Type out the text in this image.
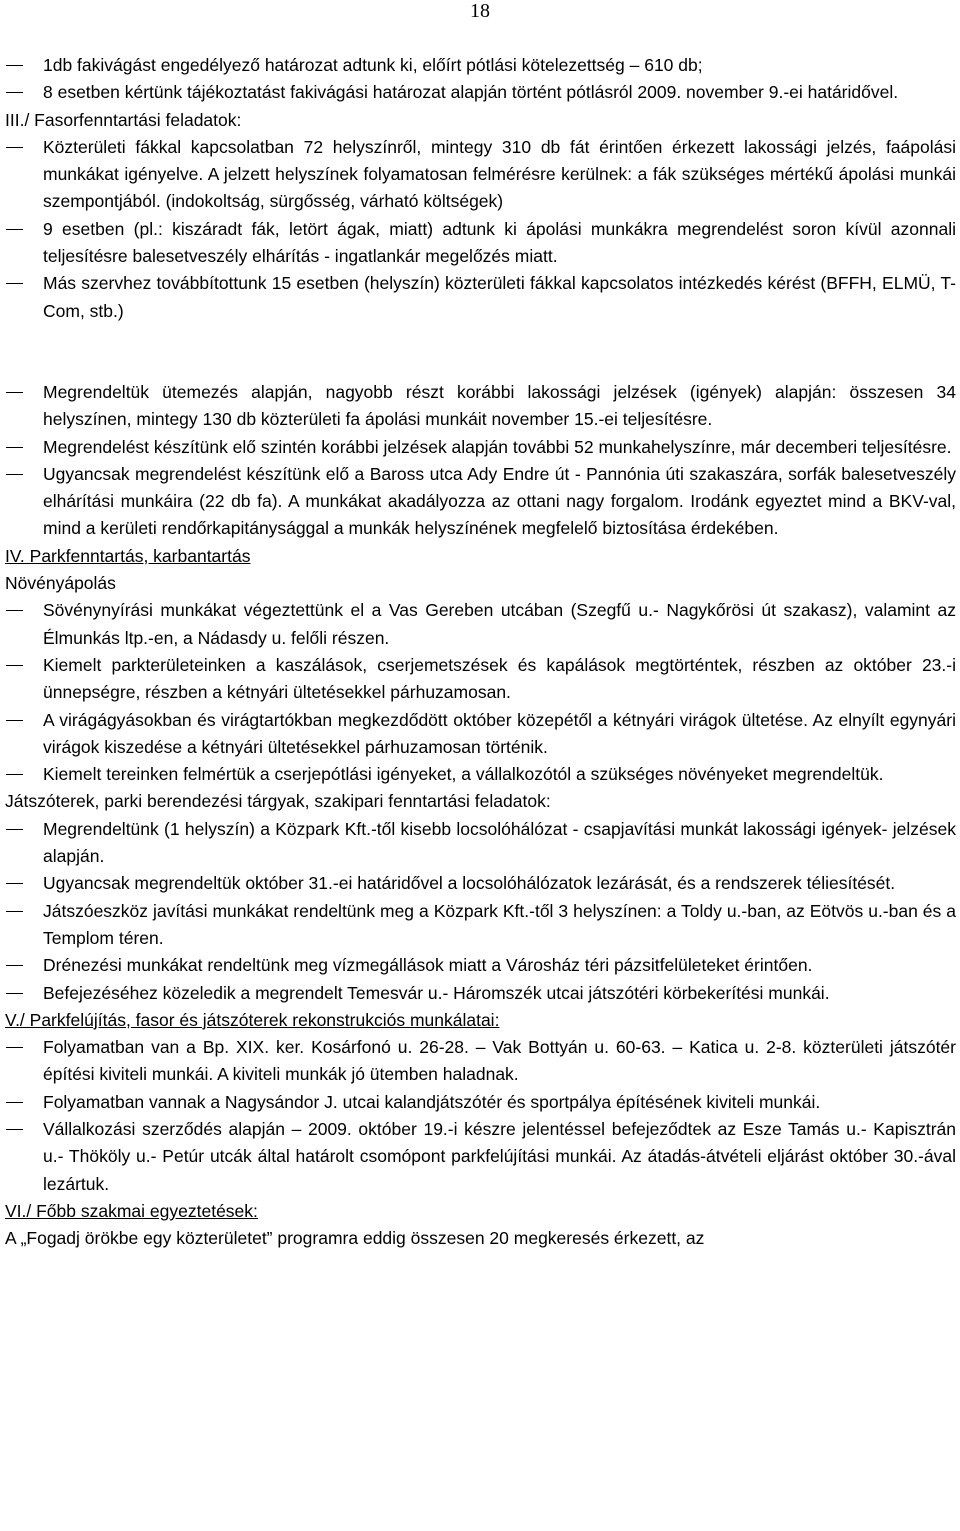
18
1db fakivágást engedélyező határozat adtunk ki, előírt pótlási kötelezettség – 610 db;
8 esetben kértünk tájékoztatást fakivágási határozat alapján történt pótlásról 2009. november 9.-ei határidővel.
III./ Fasorfenntartási feladatok:
Közterületi fákkal kapcsolatban 72 helyszínről, mintegy 310 db fát érintően érkezett lakossági jelzés, faápolási munkákat igényelve. A jelzett helyszínek folyamatosan felmérésre kerülnek: a fák szükséges mértékű ápolási munkái szempontjából. (indokoltság, sürgősség, várható költségek)
9 esetben (pl.: kiszáradt fák, letört ágak, miatt) adtunk ki ápolási munkákra megrendelést soron kívül azonnali teljesítésre balesetveszély elhárítás - ingatlankár megelőzés miatt.
Más szervhez továbbítottunk 15 esetben (helyszín) közterületi fákkal kapcsolatos intézkedés kérést (BFFH, ELMÜ, T-Com, stb.)
Megrendeltük ütemezés alapján, nagyobb részt korábbi lakossági jelzések (igények) alapján: összesen 34 helyszínen, mintegy 130 db közterületi fa ápolási munkáit november 15.-ei teljesítésre.
Megrendelést készítünk elő szintén korábbi jelzések alapján további 52 munkahelyszínre, már decemberi teljesítésre.
Ugyancsak megrendelést készítünk elő a Baross utca Ady Endre út - Pannónia úti szakaszára, sorfák balesetveszély elhárítási munkáira (22 db fa). A munkákat akadályozza az ottani nagy forgalom. Irodánk egyeztet mind a BKV-val, mind a kerületi rendőrkapitánysággal a munkák helyszínének megfelelő biztosítása érdekében.
IV. Parkfenntartás, karbantartás
Növényápolás
Sövénynyírási munkákat végeztettünk el a Vas Gereben utcában (Szegfű u.- Nagykőrösi út szakasz), valamint az Élmunkás ltp.-en, a Nádasdy u. felőli részen.
Kiemelt parkterületeinken a kaszálások, cserjemetszések és kapálások megtörténtek, részben az október 23.-i ünnepségre, részben a kétnyári ültetésekkel párhuzamosan.
A virágágyásokban és virágtartókban megkezdődött október közepétől a kétnyári virágok ültetése. Az elnyílt egynyári virágok kiszedése a kétnyári ültetésekkel párhuzamosan történik.
Kiemelt tereinken felmértük a cserjepótlási igényeket, a vállalkozótól a szükséges növényeket megrendeltük.
Játszóterek, parki berendezési tárgyak, szakipari fenntartási feladatok:
Megrendeltünk (1 helyszín) a Közpark Kft.-től kisebb locsolóhálózat - csapjavítási munkát lakossági igények- jelzések alapján.
Ugyancsak megrendeltük október 31.-ei határidővel a locsolóhálózatok lezárását, és a rendszerek téliesítését.
Játszóeszköz javítási munkákat rendeltünk meg a Közpark Kft.-től 3 helyszínen: a Toldy u.-ban, az Eötvös u.-ban és a Templom téren.
Drénezési munkákat rendeltünk meg vízmegállások miatt a Városház téri pázsitfelületeket érintően.
Befejezéséhez közeledik a megrendelt Temesvár u.- Háromszék utcai játszótéri körbekerítési munkái.
V./ Parkfelújítás, fasor és játszóterek rekonstrukciós munkálatai:
Folyamatban van a Bp. XIX. ker. Kosárfonó u. 26-28. – Vak Bottyán u. 60-63. – Katica u. 2-8. közterületi játszótér építési kiviteli munkái. A kiviteli munkák jó ütemben haladnak.
Folyamatban vannak a Nagysándor J. utcai kalandjátszótér és sportpálya építésének kiviteli munkái.
Vállalkozási szerződés alapján – 2009. október 19.-i készre jelentéssel befejeződtek az Esze Tamás u.- Kapisztrán u.- Thököly u.- Petúr utcák által határolt csomópont parkfelújítási munkái. Az átadás-átvételi eljárást október 30.-ával lezártuk.
VI./ Főbb szakmai egyeztetések:
A „Fogadj örökbe egy közterületet” programra eddig összesen 20 megkeresés érkezett, az
